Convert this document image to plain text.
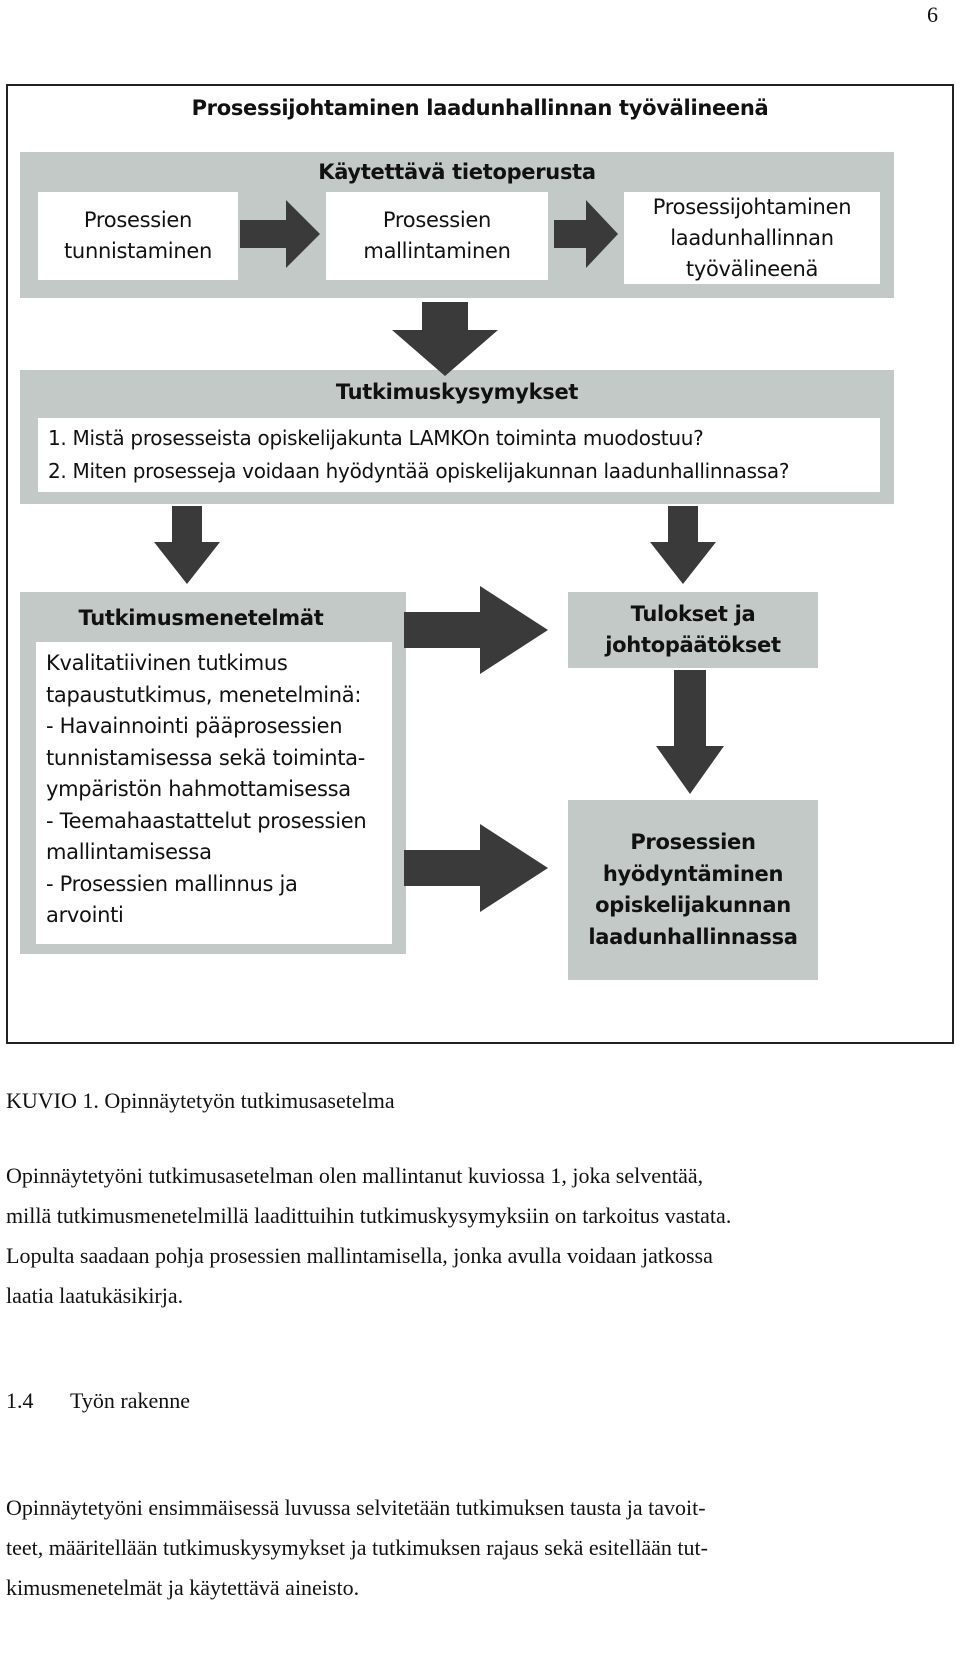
6
Prosessijohtaminen laadunhallinnan työvälineenä
Käytettävä tietoperusta
Prosessien
tunnistaminen
Prosessien
mallintaminen
Prosessijohtaminen
laadunhallinnan
työvälineenä
Tutkimuskysymykset
1. Mistä prosesseista opiskelijakunta LAMKOn toiminta muodostuu?
2. Miten prosesseja voidaan hyödyntää opiskelijakunnan laadunhallinnassa?
Tutkimusmenetelmät
Kvalitatiivinen tutkimus
tapaustutkimus, menetelminä:
- Havainnointi pääprosessien
tunnistamisessa sekä toiminta-
ympäristön hahmottamisessa
- Teemahaastattelut prosessien
mallintamisessa
- Prosessien mallinnus ja
arvointi
Tulokset ja
johtopäätökset
Prosessien
hyödyntäminen
opiskelijakunnan
laadunhallinnassa
KUVIO 1. Opinnäytetyön tutkimusasetelma
Opinnäytetyöni tutkimusasetelman olen mallintanut kuviossa 1, joka selventää,
millä tutkimusmenetelmillä laadittuihin tutkimuskysymyksiin on tarkoitus vastata.
Lopulta saadaan pohja prosessien mallintamisella, jonka avulla voidaan jatkossa
laatia laatukäsikirja.
1.4 Työn rakenne
Opinnäytetyöni ensimmäisessä luvussa selvitetään tutkimuksen tausta ja tavoit-
teet, määritellään tutkimuskysymykset ja tutkimuksen rajaus sekä esitellään tut-
kimusmenetelmät ja käytettävä aineisto.
